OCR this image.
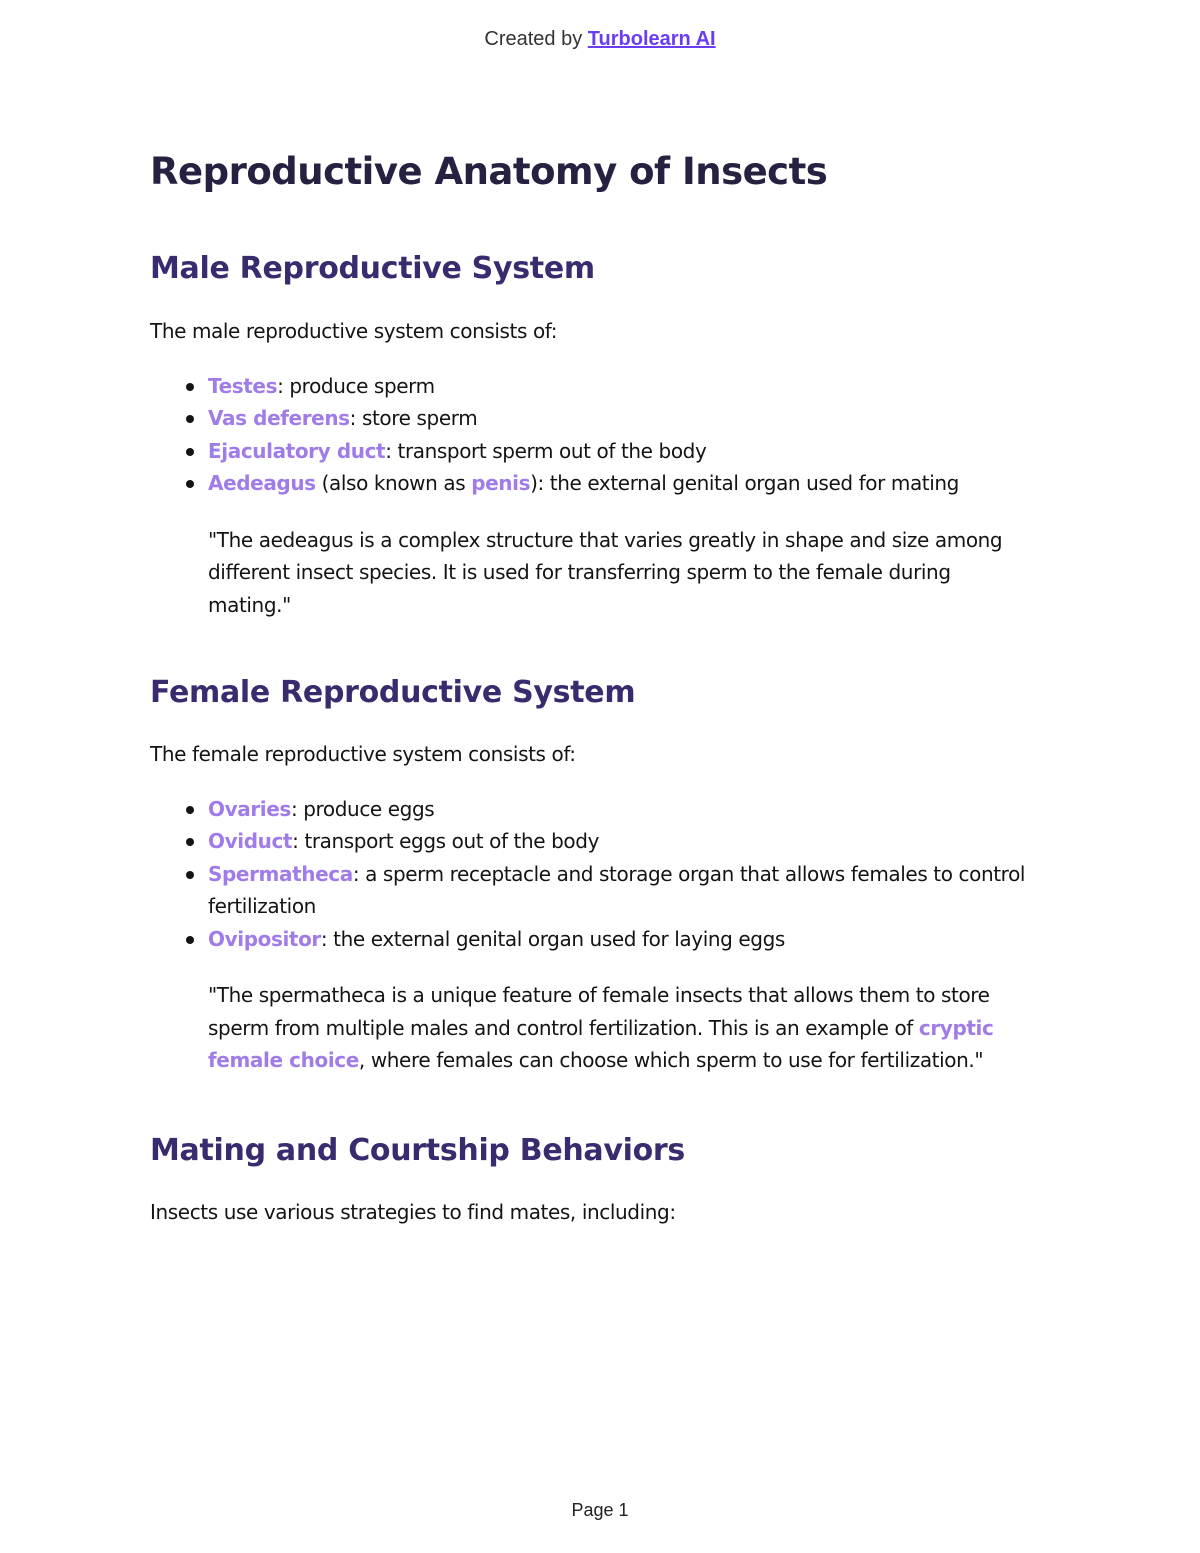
Created by Turbolearn AI
Reproductive Anatomy of Insects
Male Reproductive System

The male reproductive system consists of:

Testes: produce sperm
Vas deferens: store sperm
Ejaculatory duct: transport sperm out of the body
Aedeagus (also known as penis): the external genital organ used for mating

"The aedeagus is a complex structure that varies greatly in shape and size among different insect species. It is used for transferring sperm to the female during mating."

Female Reproductive System

The female reproductive system consists of:

Ovaries: produce eggs
Oviduct: transport eggs out of the body
Spermatheca: a sperm receptacle and storage organ that allows females to control fertilization
Ovipositor: the external genital organ used for laying eggs

"The spermatheca is a unique feature of female insects that allows them to store sperm from multiple males and control fertilization. This is an example of cryptic female choice, where females can choose which sperm to use for fertilization."

Mating and Courtship Behaviors

Insects use various strategies to find mates, including:

Page 1
